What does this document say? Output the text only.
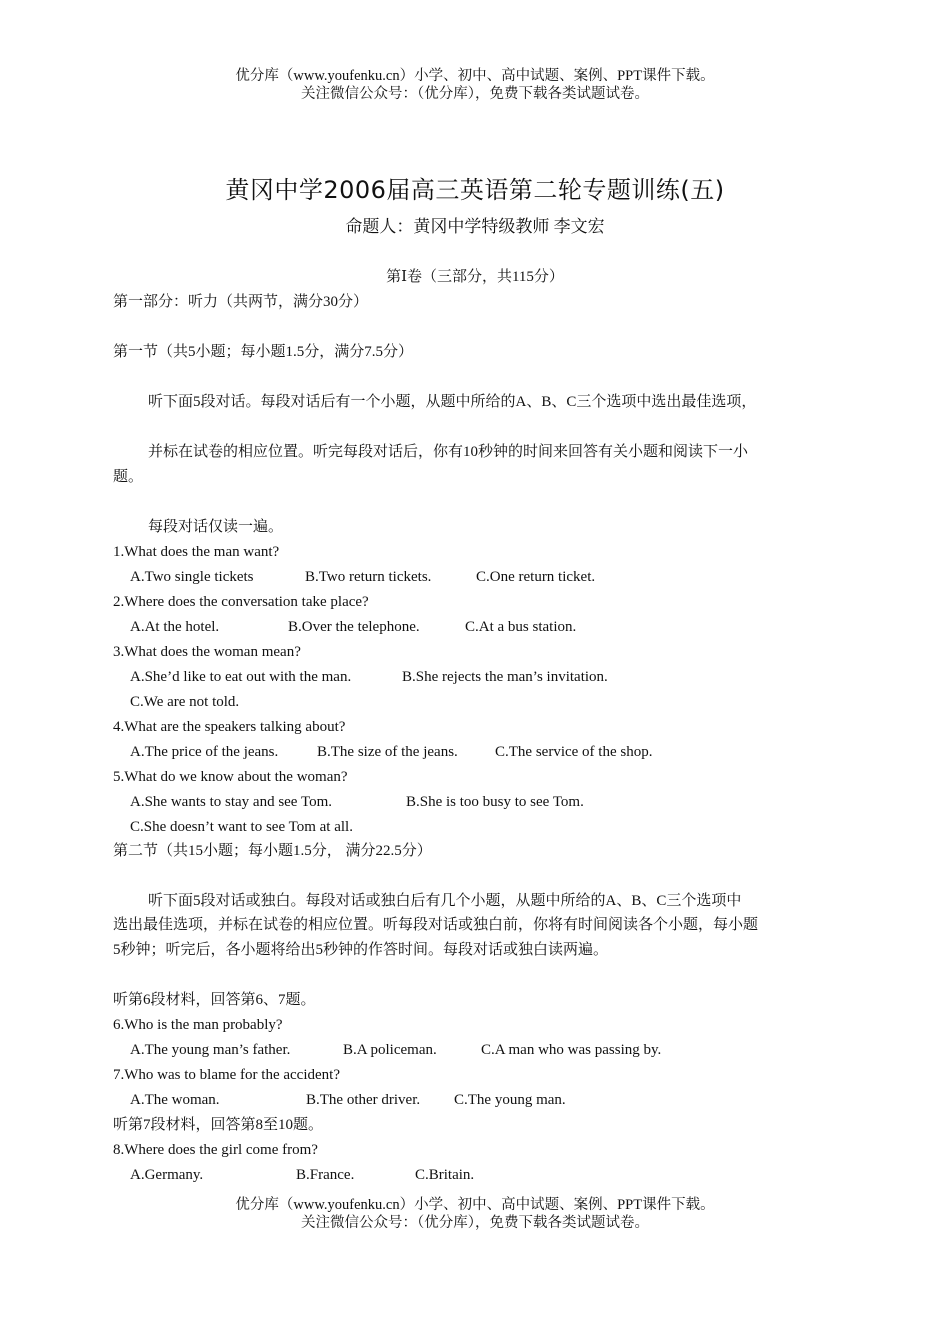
优分库（www.youfenku.cn）小学、初中、高中试题、案例、PPT课件下载。
关注微信公众号：（优分库），免费下载各类试题试卷。
黄冈中学2006届高三英语第二轮专题训练(五)
命题人：黄冈中学特级教师 李文宏
第Ⅰ卷（三部分，共115分）
第一部分：听力（共两节，满分30分）
第一节（共5小题；每小题1.5分，满分7.5分）
听下面5段对话。每段对话后有一个小题，从题中所给的A、B、C三个选项中选出最佳选项，
并标在试卷的相应位置。听完每段对话后，你有10秒钟的时间来回答有关小题和阅读下一小
题。
每段对话仅读一遍。
1.What does the man want?
A.Two single tickets	B.Two return tickets.	C.One return ticket.
2.Where does the conversation take place?
A.At the hotel.	B.Over the telephone.	C.At a bus station.
3.What does the woman mean?
A.She’d like to eat out with the man.	B.She rejects the man’s invitation.
C.We are not told.
4.What are the speakers talking about?
A.The price of the jeans.	B.The size of the jeans. C.The service of the shop.
5.What do we know about the woman?
A.She wants to stay and see Tom.	B.She is too busy to see Tom.
C.She doesn’t want to see Tom at all.
第二节（共15小题；每小题1.5分， 满分22.5分）
听下面5段对话或独白。每段对话或独白后有几个小题，从题中所给的A、B、C三个选项中
选出最佳选项，并标在试卷的相应位置。听每段对话或独白前，你将有时间阅读各个小题，每小题
5秒钟；听完后，各小题将给出5秒钟的作答时间。每段对话或独白读两遍。
听第6段材料，回答第6、7题。
6.Who is the man probably?
A.The young man’s father.	B.A policeman.	C.A man who was passing by.
7.Who was to blame for the accident?
A.The woman.	B.The other driver. C.The young man.
听第7段材料，回答第8至10题。
8.Where does the girl come from?
A.Germany.	B.France.	C.Britain.
优分库（www.youfenku.cn）小学、初中、高中试题、案例、PPT课件下载。
关注微信公众号：（优分库），免费下载各类试题试卷。
